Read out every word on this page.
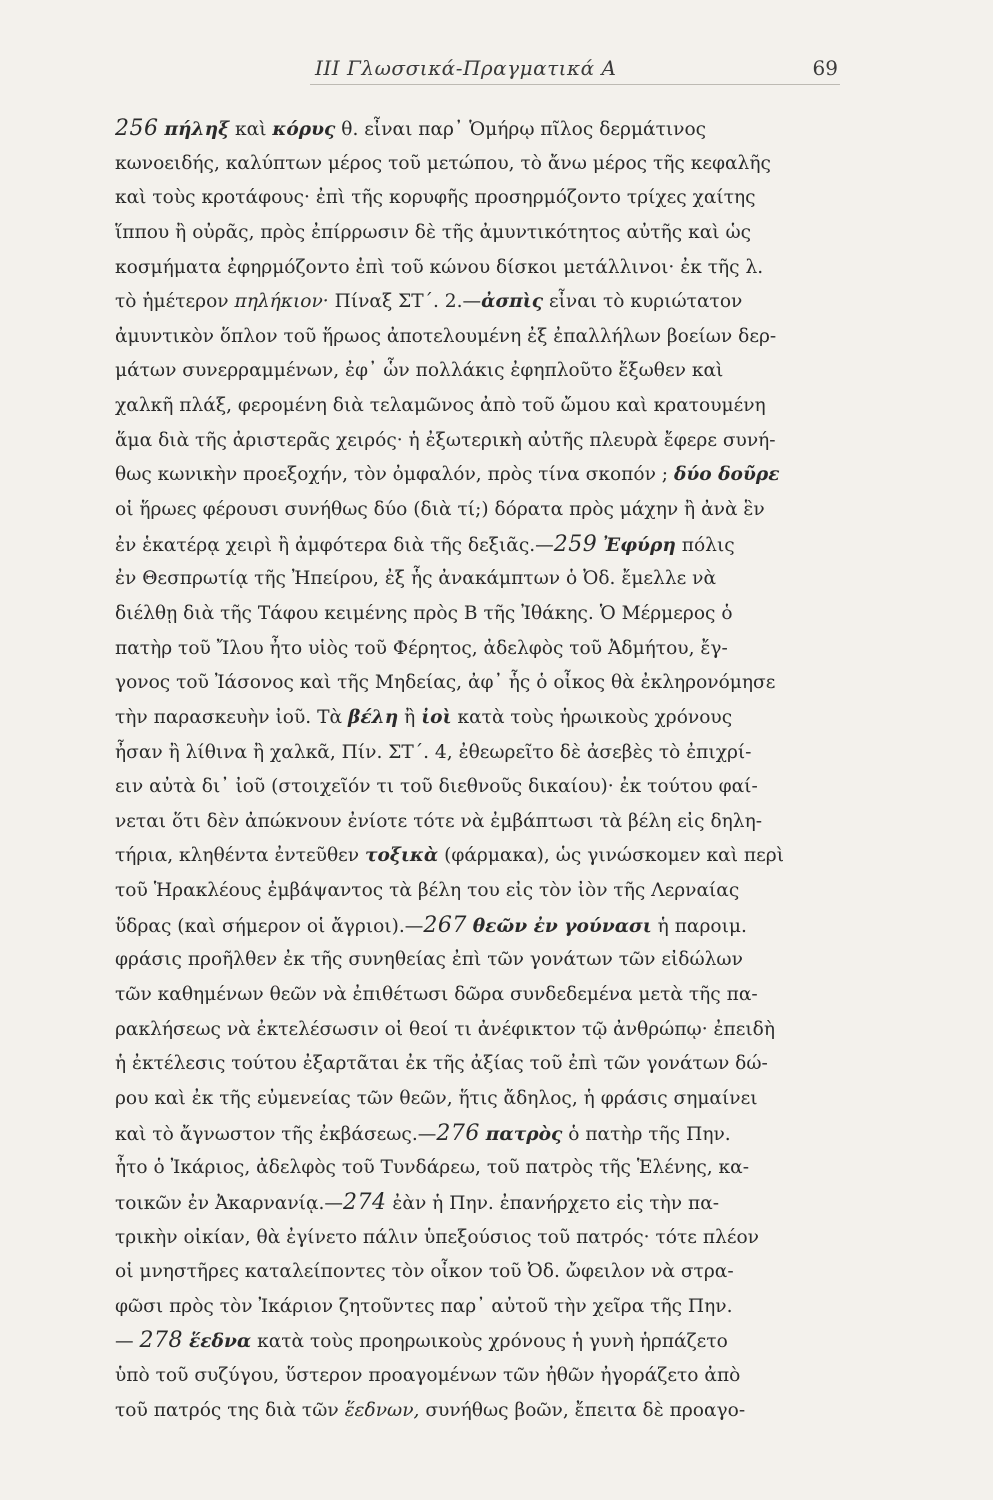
III Γλωσσικά-Πραγματικά Α	69
256 πήληξ καὶ κόρυς θ. εἶναι παρ᾿ Ὁμήρῳ πῖλος δερμάτινος
κωνοειδής, καλύπτων μέρος τοῦ μετώπου, τὸ ἄνω μέρος τῆς κεφαλῆς
καὶ τοὺς κροτάφους· ἐπὶ τῆς κορυφῆς προσηρμόζοντο τρίχες χαίτης
ἵππου ἢ οὐρᾶς, πρὸς ἐπίρρωσιν δὲ τῆς ἀμυντικότητος αὐτῆς καὶ ὡς
κοσμήματα ἐφηρμόζοντο ἐπὶ τοῦ κώνου δίσκοι μετάλλινοι· ἐκ τῆς λ.
τὸ ἡμέτερον πηλήκιον· Πίναξ ΣΤ΄. 2.—ἀσπὶς εἶναι τὸ κυριώτατον
ἀμυντικὸν ὅπλον τοῦ ἥρωος ἀποτελουμένη ἐξ ἐπαλλήλων βοείων δερ-
μάτων συνερραμμένων, ἐφ᾿ ὧν πολλάκις ἐφηπλοῦτο ἔξωθεν καὶ
χαλκῆ πλάξ, φερομένη διὰ τελαμῶνος ἀπὸ τοῦ ὤμου καὶ κρατουμένη
ἅμα διὰ τῆς ἀριστερᾶς χειρός· ἡ ἐξωτερικὴ αὐτῆς πλευρὰ ἔφερε συνή-
θως κωνικὴν προεξοχήν, τὸν ὀμφαλόν, πρὸς τίνα σκοπόν ; δύο δοῦρε
οἱ ἥρωες φέρουσι συνήθως δύο (διὰ τί;) δόρατα πρὸς μάχην ἢ ἀνὰ ἓν
ἐν ἑκατέρᾳ χειρὶ ἢ ἀμφότερα διὰ τῆς δεξιᾶς.—259 Ἐφύρη πόλις
ἐν Θεσπρωτίᾳ τῆς Ἠπείρου, ἐξ ἧς ἀνακάμπτων ὁ Ὀδ. ἔμελλε νὰ
διέλθῃ διὰ τῆς Τάφου κειμένης πρὸς Β τῆς Ἰθάκης. Ὁ Μέρμερος ὁ
πατὴρ τοῦ Ἴλου ἦτο υἱὸς τοῦ Φέρητος, ἀδελφὸς τοῦ Ἀδμήτου, ἔγ-
γονος τοῦ Ἰάσονος καὶ τῆς Μηδείας, ἀφ᾿ ἧς ὁ οἶκος θὰ ἐκληρονόμησε
τὴν παρασκευὴν ἰοῦ. Τὰ βέλη ἢ ἰοὶ κατὰ τοὺς ἡρωικοὺς χρόνους
ἦσαν ἢ λίθινα ἢ χαλκᾶ, Πίν. ΣΤ΄. 4, ἐθεωρεῖτο δὲ ἀσεβὲς τὸ ἐπιχρί-
ειν αὐτὰ δι᾿ ἰοῦ (στοιχεῖόν τι τοῦ διεθνοῦς δικαίου)· ἐκ τούτου φαί-
νεται ὅτι δὲν ἀπώκνουν ἐνίοτε τότε νὰ ἐμβάπτωσι τὰ βέλη εἰς δηλη-
τήρια, κληθέντα ἐντεῦθεν τοξικὰ (φάρμακα), ὡς γινώσκομεν καὶ περὶ
τοῦ Ἡρακλέους ἐμβάψαντος τὰ βέλη του εἰς τὸν ἰὸν τῆς Λερναίας
ὕδρας (καὶ σήμερον οἱ ἄγριοι).—267 θεῶν ἐν γούνασι ἡ παροιμ.
φράσις προῆλθεν ἐκ τῆς συνηθείας ἐπὶ τῶν γονάτων τῶν εἰδώλων
τῶν καθημένων θεῶν νὰ ἐπιθέτωσι δῶρα συνδεδεμένα μετὰ τῆς πα-
ρακλήσεως νὰ ἐκτελέσωσιν οἱ θεοί τι ἀνέφικτον τῷ ἀνθρώπῳ· ἐπειδὴ
ἡ ἐκτέλεσις τούτου ἐξαρτᾶται ἐκ τῆς ἀξίας τοῦ ἐπὶ τῶν γονάτων δώ-
ρου καὶ ἐκ τῆς εὐμενείας τῶν θεῶν, ἥτις ἄδηλος, ἡ φράσις σημαίνει
καὶ τὸ ἄγνωστον τῆς ἐκβάσεως.—276 πατρὸς ὁ πατὴρ τῆς Πην.
ἦτο ὁ Ἰκάριος, ἀδελφὸς τοῦ Τυνδάρεω, τοῦ πατρὸς τῆς Ἑλένης, κα-
τοικῶν ἐν Ἀκαρνανίᾳ.—274 ἐὰν ἡ Πην. ἐπανήρχετο εἰς τὴν πα-
τρικὴν οἰκίαν, θὰ ἐγίνετο πάλιν ὑπεξούσιος τοῦ πατρός· τότε πλέον
οἱ μνηστῆρες καταλείποντες τὸν οἶκον τοῦ Ὀδ. ὤφειλον νὰ στρα-
φῶσι πρὸς τὸν Ἰκάριον ζητοῦντες παρ᾿ αὐτοῦ τὴν χεῖρα τῆς Πην.
— 278 ἕεδνα κατὰ τοὺς προηρωικοὺς χρόνους ἡ γυνὴ ἡρπάζετο
ὑπὸ τοῦ συζύγου, ὕστερον προαγομένων τῶν ἠθῶν ἠγοράζετο ἀπὸ
τοῦ πατρός της διὰ τῶν ἕεδνων, συνήθως βοῶν, ἔπειτα δὲ προαγο-
